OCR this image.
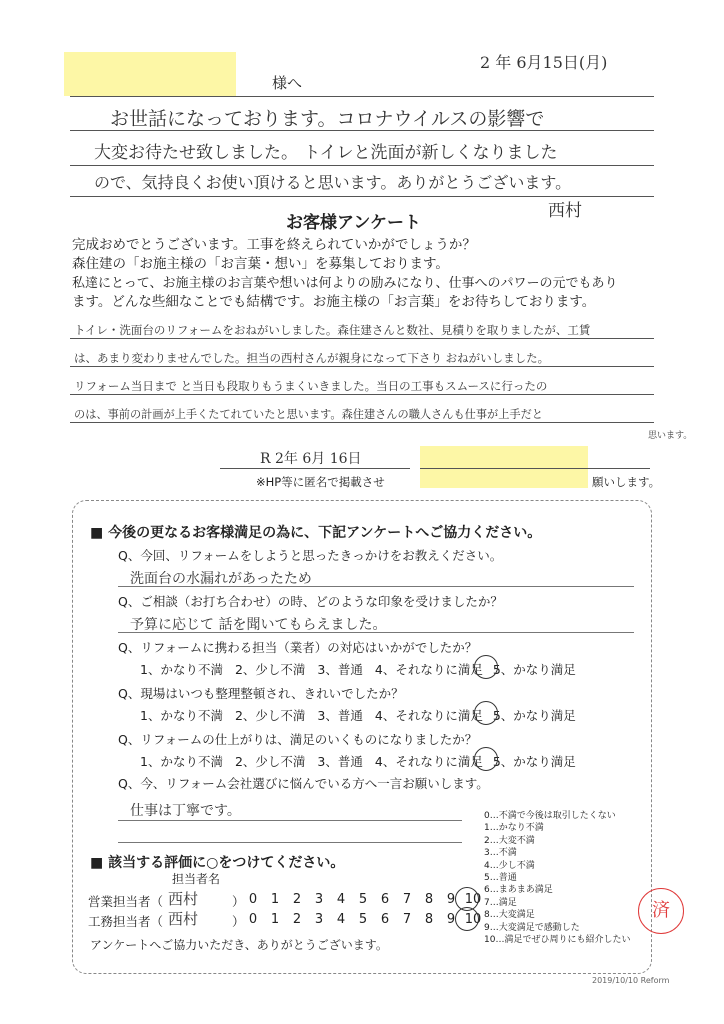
2 年 6月15日(月)
様へ
お世話になっております。コロナウイルスの影響で
大変お待たせ致しました。 トイレと洗面が新しくなりました
ので、気持良くお使い頂けると思います。ありがとうございます。
西村
お客様アンケート
完成おめでとうございます。工事を終えられていかがでしょうか？
森住建の「お施主様の「お言葉・想い」を募集しております。
私達にとって、お施主様のお言葉や想いは何よりの励みになり、仕事へのパワーの元でもあり
ます。どんな些細なことでも結構です。お施主様の「お言葉」をお待ちしております。
トイレ・洗面台のリフォームをおねがいしました。森住建さんと数社、見積りを取りましたが、工賃
は、あまり変わりませんでした。担当の西村さんが親身になって下さり おねがいしました。
リフォーム当日まで と当日も段取りもうまくいきました。当日の工事もスムースに行ったの
のは、事前の計画が上手くたてれていたと思います。森住建さんの職人さんも仕事が上手だと
思います。
R 2年 6月 16日
※HP等に匿名で掲載させ	願いします。
■ 今後の更なるお客様満足の為に、下記アンケートへご協力ください。
Q、今回、リフォームをしようと思ったきっかけをお教えください。
洗面台の水漏れがあったため
Q、ご相談（お打ち合わせ）の時、どのような印象を受けましたか？
予算に応じて 話を聞いてもらえました。
Q、リフォームに携わる担当（業者）の対応はいかがでしたか？
1、かなり不満 2、少し不満 3、普通 4、それなりに満足 5、かなり満足
Q、現場はいつも整理整頓され、きれいでしたか？
1、かなり不満 2、少し不満 3、普通 4、それなりに満足 5、かなり満足
Q、リフォームの仕上がりは、満足のいくものになりましたか？
1、かなり不満 2、少し不満 3、普通 4、それなりに満足 5、かなり満足
Q、今、リフォーム会社選びに悩んでいる方へ一言お願いします。
仕事は丁寧です。	0…不満で今後は取引したくない
1…かなり不満
2…大変不満
3…不満
4…少し不満
5…普通
6…まあまあ満足
7…満足
8…大変満足
9…大変満足で感動した
10…満足でぜひ周りにも紹介したい
■ 該当する評価に○をつけてください。
担当者名
営業担当者（ 西村	） 0 1 2 3 4 5 6 7 8 9 10
工務担当者（ 西村	） 0 1 2 3 4 5 6 7 8 9 10
アンケートへご協力いただき、ありがとうございます。
済
2019/10/10 Reform
